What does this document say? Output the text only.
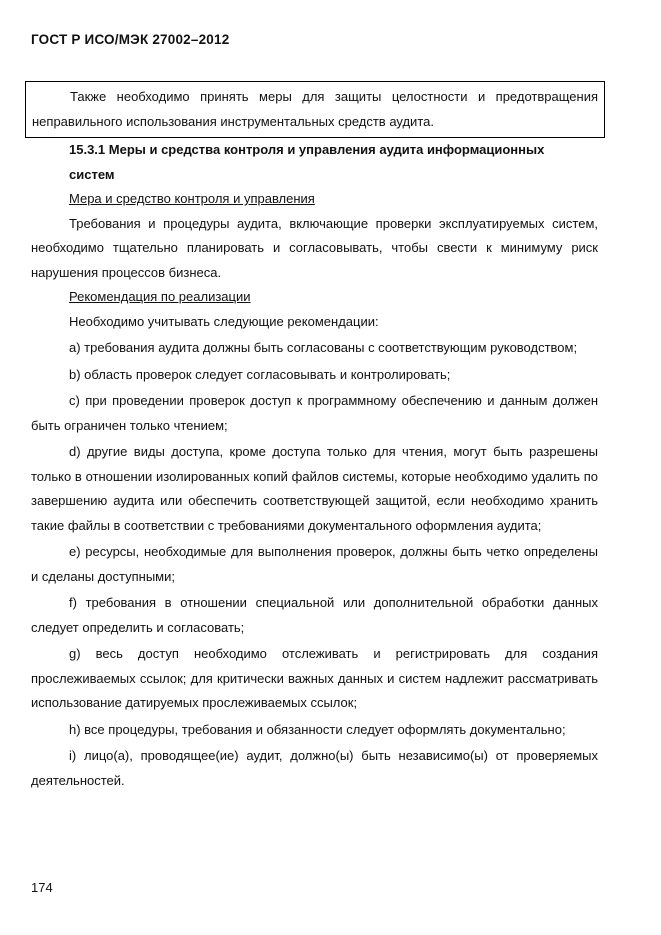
ГОСТ Р ИСО/МЭК 27002–2012

Также необходимо принять меры для защиты целостности и предотвращения неправильного использования инструментальных средств аудита.

15.3.1 Меры и средства контроля и управления аудита информационных

систем

Мера и средство контроля и управления

Требования и процедуры аудита, включающие проверки эксплуатируемых систем, необходимо тщательно планировать и согласовывать, чтобы свести к минимуму риск нарушения процессов бизнеса.

Рекомендация по реализации

Необходимо учитывать следующие рекомендации:

a) требования аудита должны быть согласованы с соответствующим руководством;

b) область проверок следует согласовывать и контролировать;

c) при проведении проверок доступ к программному обеспечению и данным должен быть ограничен только чтением;

d) другие виды доступа, кроме доступа только для чтения, могут быть разрешены только в отношении изолированных копий файлов системы, которые необходимо удалить по завершению аудита или обеспечить соответствующей защитой, если необходимо хранить такие файлы в соответствии с требованиями документального оформления аудита;

e) ресурсы, необходимые для выполнения проверок, должны быть четко определены и сделаны доступными;

f) требования в отношении специальной или дополнительной обработки данных следует определить и согласовать;

g) весь доступ необходимо отслеживать и регистрировать для создания прослеживаемых ссылок; для критически важных данных и систем надлежит рассматривать использование датируемых прослеживаемых ссылок;

h) все процедуры, требования и обязанности следует оформлять документально;

i) лицо(а), проводящее(ие) аудит, должно(ы) быть независимо(ы) от проверяемых деятельностей.

174
